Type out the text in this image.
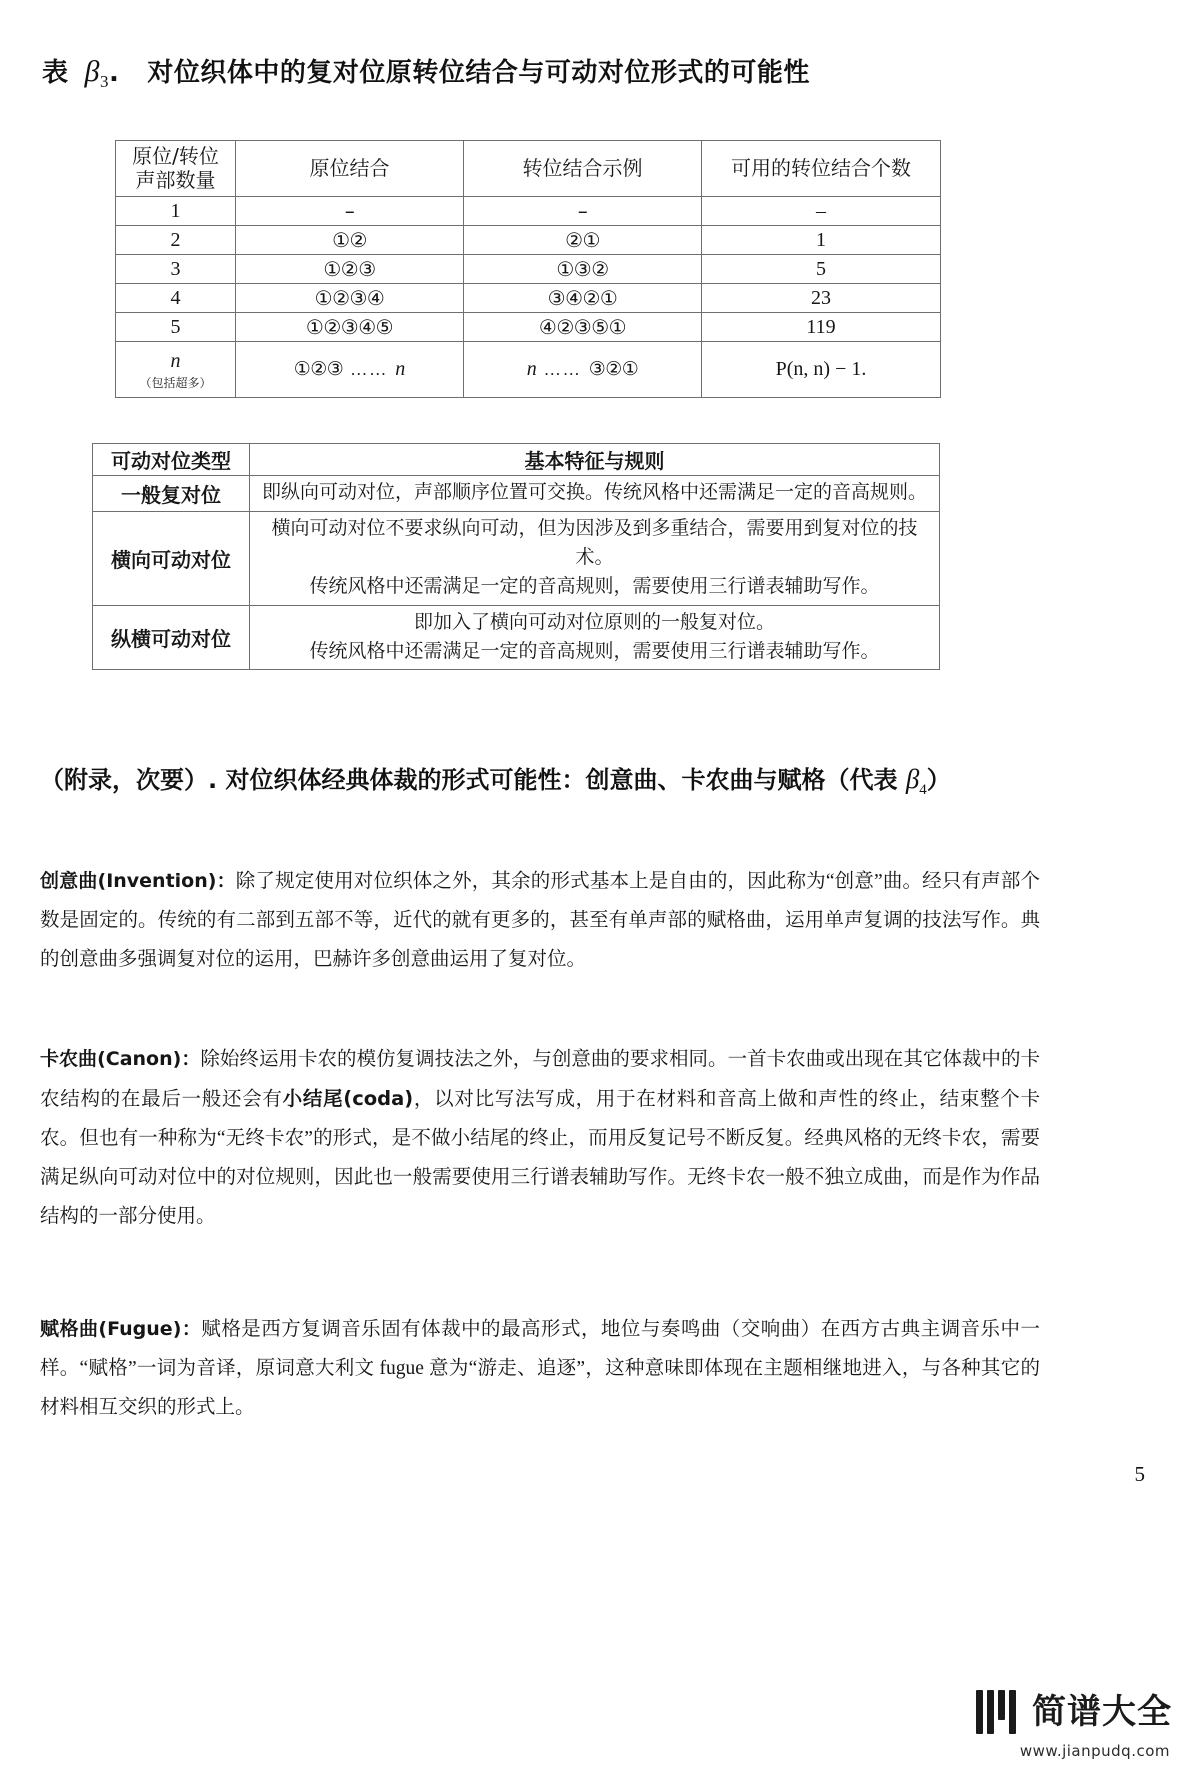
表 $\beta_3$. 对位织体中的复对位原转位结合与可动对位形式的可能性
原位/转位
声部数量	原位结合	转位结合示例	可用的转位结合个数
1	–	–	–
2	①②	②①	1
3	①②③	①③②	5
4	①②③④	③④②①	23
5	①②③④⑤	④②③⑤①	119

n
（包括超多）	①②③ …… n	n …… ③②①	P(n, n) − 1.
可动对位类型	基本特征与规则
一般复对位	即纵向可动对位，声部顺序位置可交换。传统风格中还需满足一定的音高规则。

横向可动对位	横向可动对位不要求纵向可动，但为因涉及到多重结合，需要用到复对位的技术。
传统风格中还需满足一定的音高规则，需要使用三行谱表辅助写作。

纵横可动对位	即加入了横向可动对位原则的一般复对位。
传统风格中还需满足一定的音高规则，需要使用三行谱表辅助写作。
（附录，次要）. 对位织体经典体裁的形式可能性：创意曲、卡农曲与赋格（代表 $\beta_4$）
创意曲(Invention)：除了规定使用对位织体之外，其余的形式基本上是自由的，因此称为“创意”曲。经只有声部个数是固定的。传统的有二部到五部不等，近代的就有更多的，甚至有单声部的赋格曲，运用单声复调的技法写作。典的创意曲多强调复对位的运用，巴赫许多创意曲运用了复对位。
卡农曲(Canon)：除始终运用卡农的模仿复调技法之外，与创意曲的要求相同。一首卡农曲或出现在其它体裁中的卡农结构的在最后一般还会有小结尾(coda)，以对比写法写成，用于在材料和音高上做和声性的终止，结束整个卡农。但也有一种称为“无终卡农”的形式，是不做小结尾的终止，而用反复记号不断反复。经典风格的无终卡农，需要满足纵向可动对位中的对位规则，因此也一般需要使用三行谱表辅助写作。无终卡农一般不独立成曲，而是作为作品结构的一部分使用。
赋格曲(Fugue)：赋格是西方复调音乐固有体裁中的最高形式，地位与奏鸣曲（交响曲）在西方古典主调音乐中一样。“赋格”一词为音译，原词意大利文 fugue 意为“游走、追逐”，这种意味即体现在主题相继地进入，与各种其它的材料相互交织的形式上。
5
简谱大全
www.jianpudq.com
